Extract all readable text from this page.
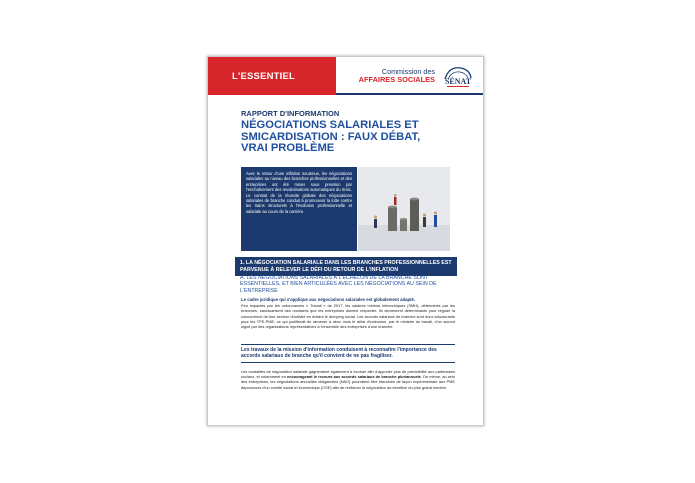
L'ESSENTIEL	Commission des
AFFAIRES SOCIALES SÉNAT
RAPPORT D'INFORMATION
NÉGOCIATIONS SALARIALES ET SMICARDISATION : FAUX DÉBAT, VRAI PROBLÈME
Avec le retour d'une inflation soutenue, les négociations salariales au niveau des branches professionnelles et des entreprises ont été mises sous pression par l'enchaînement des revalorisations automatiques du Smic. Le constat de la réussite globale des négociations salariales de branche conduit à promouvoir la lutte contre les trains structurels à l'évolution professionnelle et salariale au cours de la carrière.
1. LA NÉGOCIATION SALARIALE DANS LES BRANCHES PROFESSIONNELLES EST PARVENUE À RELEVER LE DÉFI DU RETOUR DE L'INFLATION
A. LES NÉGOCIATIONS SALARIALES À L'ÉCHELON DE LA BRANCHE SONT ESSENTIELLES, ET BIEN ARTICULÉES AVEC LES NÉGOCIATIONS AU SEIN DE L'ENTREPRISE
Le cadre juridique qui s'applique aux négociations salariales est globalement adapté.
Peu impactés par les ordonnances « Travail » de 2017, les salaires minima hiérarchiques (SMH), déterminés par les branches, sanctuarisent des montants que les entreprises doivent respecter. Ils demeurent déterminants pour réguler la concurrence de leur secteur d'activité en évitant le dumping social. Les accords salariaux de branche sont donc structurants pour les TPE-PME, ce qui justifierait de ramener à deux mois le délai d'extension, par le ministre du travail, d'un accord signé par des organisations représentatives à l'ensemble des entreprises d'une branche.
Les travaux de la mission d'information conduisent à reconnaître l'importance des accords salariaux de branche qu'il convient de ne pas fragiliser.
Les modalités de négociation salariale gagneraient également à évoluer afin d'apporter plus de prévisibilité aux partenaires sociaux, et notamment en encourageant le recours aux accords salariaux de branche pluriannuels. De même, au sein des entreprises, les négociations annuelles obligatoires (NAO) pourraient être étendues de façon expérimentale aux PME dépourvues d'un comité social et économique (CSE) afin de renforcer la négociation au bénéfice du plus grand nombre.
